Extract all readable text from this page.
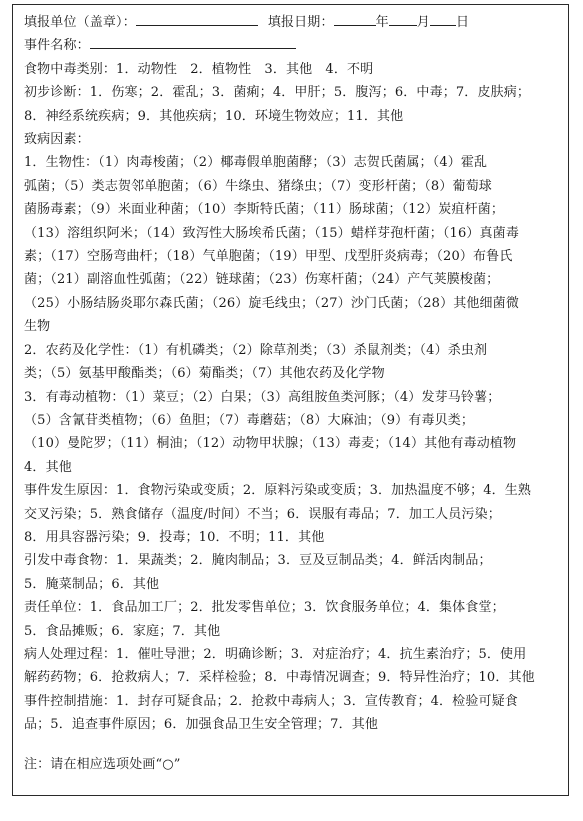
填报单位（盖章）：	填报日期：	年 月 日
事件名称：
食物中毒类别：1．动物性　2．植物性　3．其他　4．不明
初步诊断：1．伤寒；2．霍乱；3．菌痢；4．甲肝；5．腹泻；6．中毒；7．皮肤病；
8．神经系统疾病；9．其他疾病；10．环境生物效应；11．其他
致病因素：
1．生物性：（1）肉毒梭菌；（2）椰毒假单胞菌酵；（3）志贺氏菌属；（4）霍乱
弧菌；（5）类志贺邻单胞菌；（6）牛绦虫、猪绦虫；（7）变形杆菌；（8）葡萄球
菌肠毒素；（9）米面业种菌；（10）李斯特氏菌；（11）肠球菌；（12）炭疽杆菌；
（13）溶组织阿米；（14）致泻性大肠埃希氏菌；（15）蜡样芽孢杆菌；（16）真菌毒
素；（17）空肠弯曲杆；（18）气单胞菌；（19）甲型、戊型肝炎病毒；（20）布鲁氏
菌；（21）副溶血性弧菌；（22）链球菌；（23）伤寒杆菌；（24）产气荚膜梭菌；
（25）小肠结肠炎耶尔森氏菌；（26）旋毛线虫；（27）沙门氏菌；（28）其他细菌微
生物
2．农药及化学性：（1）有机磷类；（2）除草剂类；（3）杀鼠剂类；（4）杀虫剂
类；（5）氨基甲酸酯类；（6）菊酯类；（7）其他农药及化学物
3．有毒动植物：（1）菜豆；（2）白果；（3）高组胺鱼类河豚；（4）发芽马铃薯；
（5）含氰苷类植物；（6）鱼胆；（7）毒蘑菇；（8）大麻油；（9）有毒贝类；
（10）曼陀罗；（11）桐油；（12）动物甲状腺；（13）毒麦；（14）其他有毒动植物
4．其他
事件发生原因：1．食物污染或变质；2．原料污染或变质；3．加热温度不够；4．生熟
交叉污染；5．熟食储存（温度/时间）不当；6．误服有毒品；7．加工人员污染；
8．用具容器污染；9．投毒；10．不明；11．其他
引发中毒食物：1．果蔬类；2．腌肉制品；3．豆及豆制品类；4．鲜活肉制品；
5．腌菜制品；6．其他
责任单位：1．食品加工厂；2．批发零售单位；3．饮食服务单位；4．集体食堂；
5．食品摊贩；6．家庭；7．其他
病人处理过程：1．催吐导泄；2．明确诊断；3．对症治疗；4．抗生素治疗；5．使用
解药药物；6．抢救病人；7．采样检验；8．中毒情况调查；9．特异性治疗；10．其他
事件控制措施：1．封存可疑食品；2．抢救中毒病人；3．宣传教育；4．检验可疑食
品；5．追查事件原因；6．加强食品卫生安全管理；7．其他
注：请在相应选项处画“○”
